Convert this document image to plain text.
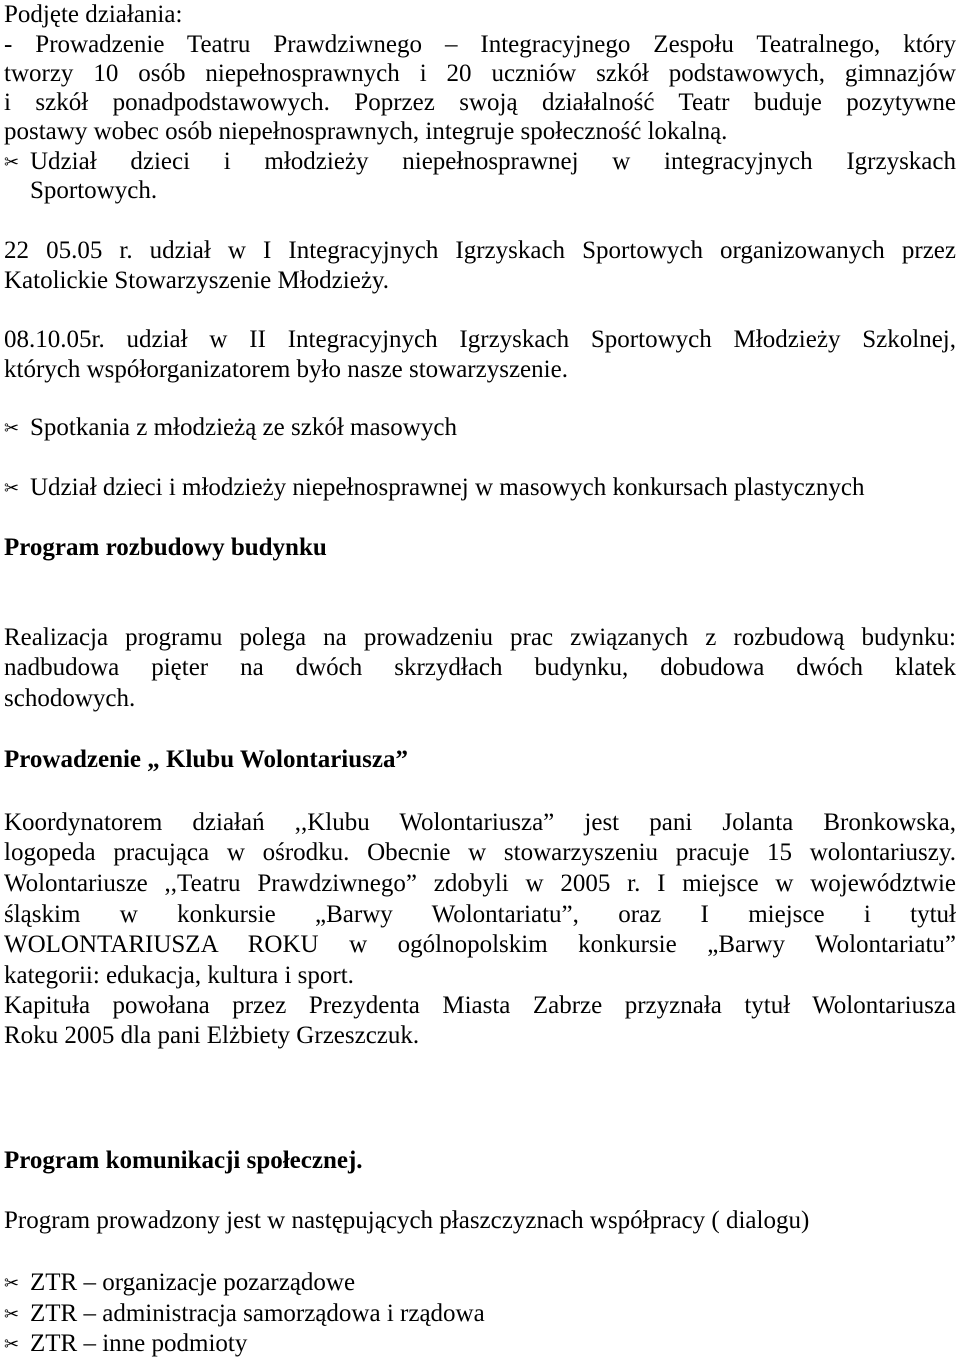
Podjęte działania:
- Prowadzenie Teatru Prawdziwnego – Integracyjnego Zespołu Teatralnego, który
tworzy 10 osób niepełnosprawnych i 20 uczniów szkół podstawowych, gimnazjów
i szkół ponadpodstawowych. Poprzez swoją działalność Teatr buduje pozytywne
postawy wobec osób niepełnosprawnych, integruje społeczność lokalną.
✂ Udział dzieci i młodzieży niepełnosprawnej w integracyjnych Igrzyskach
Sportowych.
22 05.05 r. udział w I Integracyjnych Igrzyskach Sportowych organizowanych przez
Katolickie Stowarzyszenie Młodzieży.
08.10.05r. udział w II Integracyjnych Igrzyskach Sportowych Młodzieży Szkolnej,
których współorganizatorem było nasze stowarzyszenie.
✂ Spotkania z młodzieżą ze szkół masowych
✂ Udział dzieci i młodzieży niepełnosprawnej w masowych konkursach plastycznych
Program rozbudowy budynku
Realizacja programu polega na prowadzeniu prac związanych z rozbudową budynku:
nadbudowa pięter na dwóch skrzydłach budynku, dobudowa dwóch klatek
schodowych.
Prowadzenie „ Klubu Wolontariusza”
Koordynatorem działań ,,Klubu Wolontariusza” jest pani Jolanta Bronkowska,
logopeda pracująca w ośrodku. Obecnie w stowarzyszeniu pracuje 15 wolontariuszy.
Wolontariusze ,,Teatru Prawdziwnego” zdobyli w 2005 r. I miejsce w województwie
śląskim w konkursie „Barwy Wolontariatu”, oraz I miejsce i tytuł
WOLONTARIUSZA ROKU w ogólnopolskim konkursie „Barwy Wolontariatu”
kategorii: edukacja, kultura i sport.
Kapituła powołana przez Prezydenta Miasta Zabrze przyznała tytuł Wolontariusza
Roku 2005 dla pani Elżbiety Grzeszczuk.
Program komunikacji społecznej.
Program prowadzony jest w następujących płaszczyznach współpracy ( dialogu)
✂ ZTR – organizacje pozarządowe
✂ ZTR – administracja samorządowa i rządowa
✂ ZTR – inne podmioty
